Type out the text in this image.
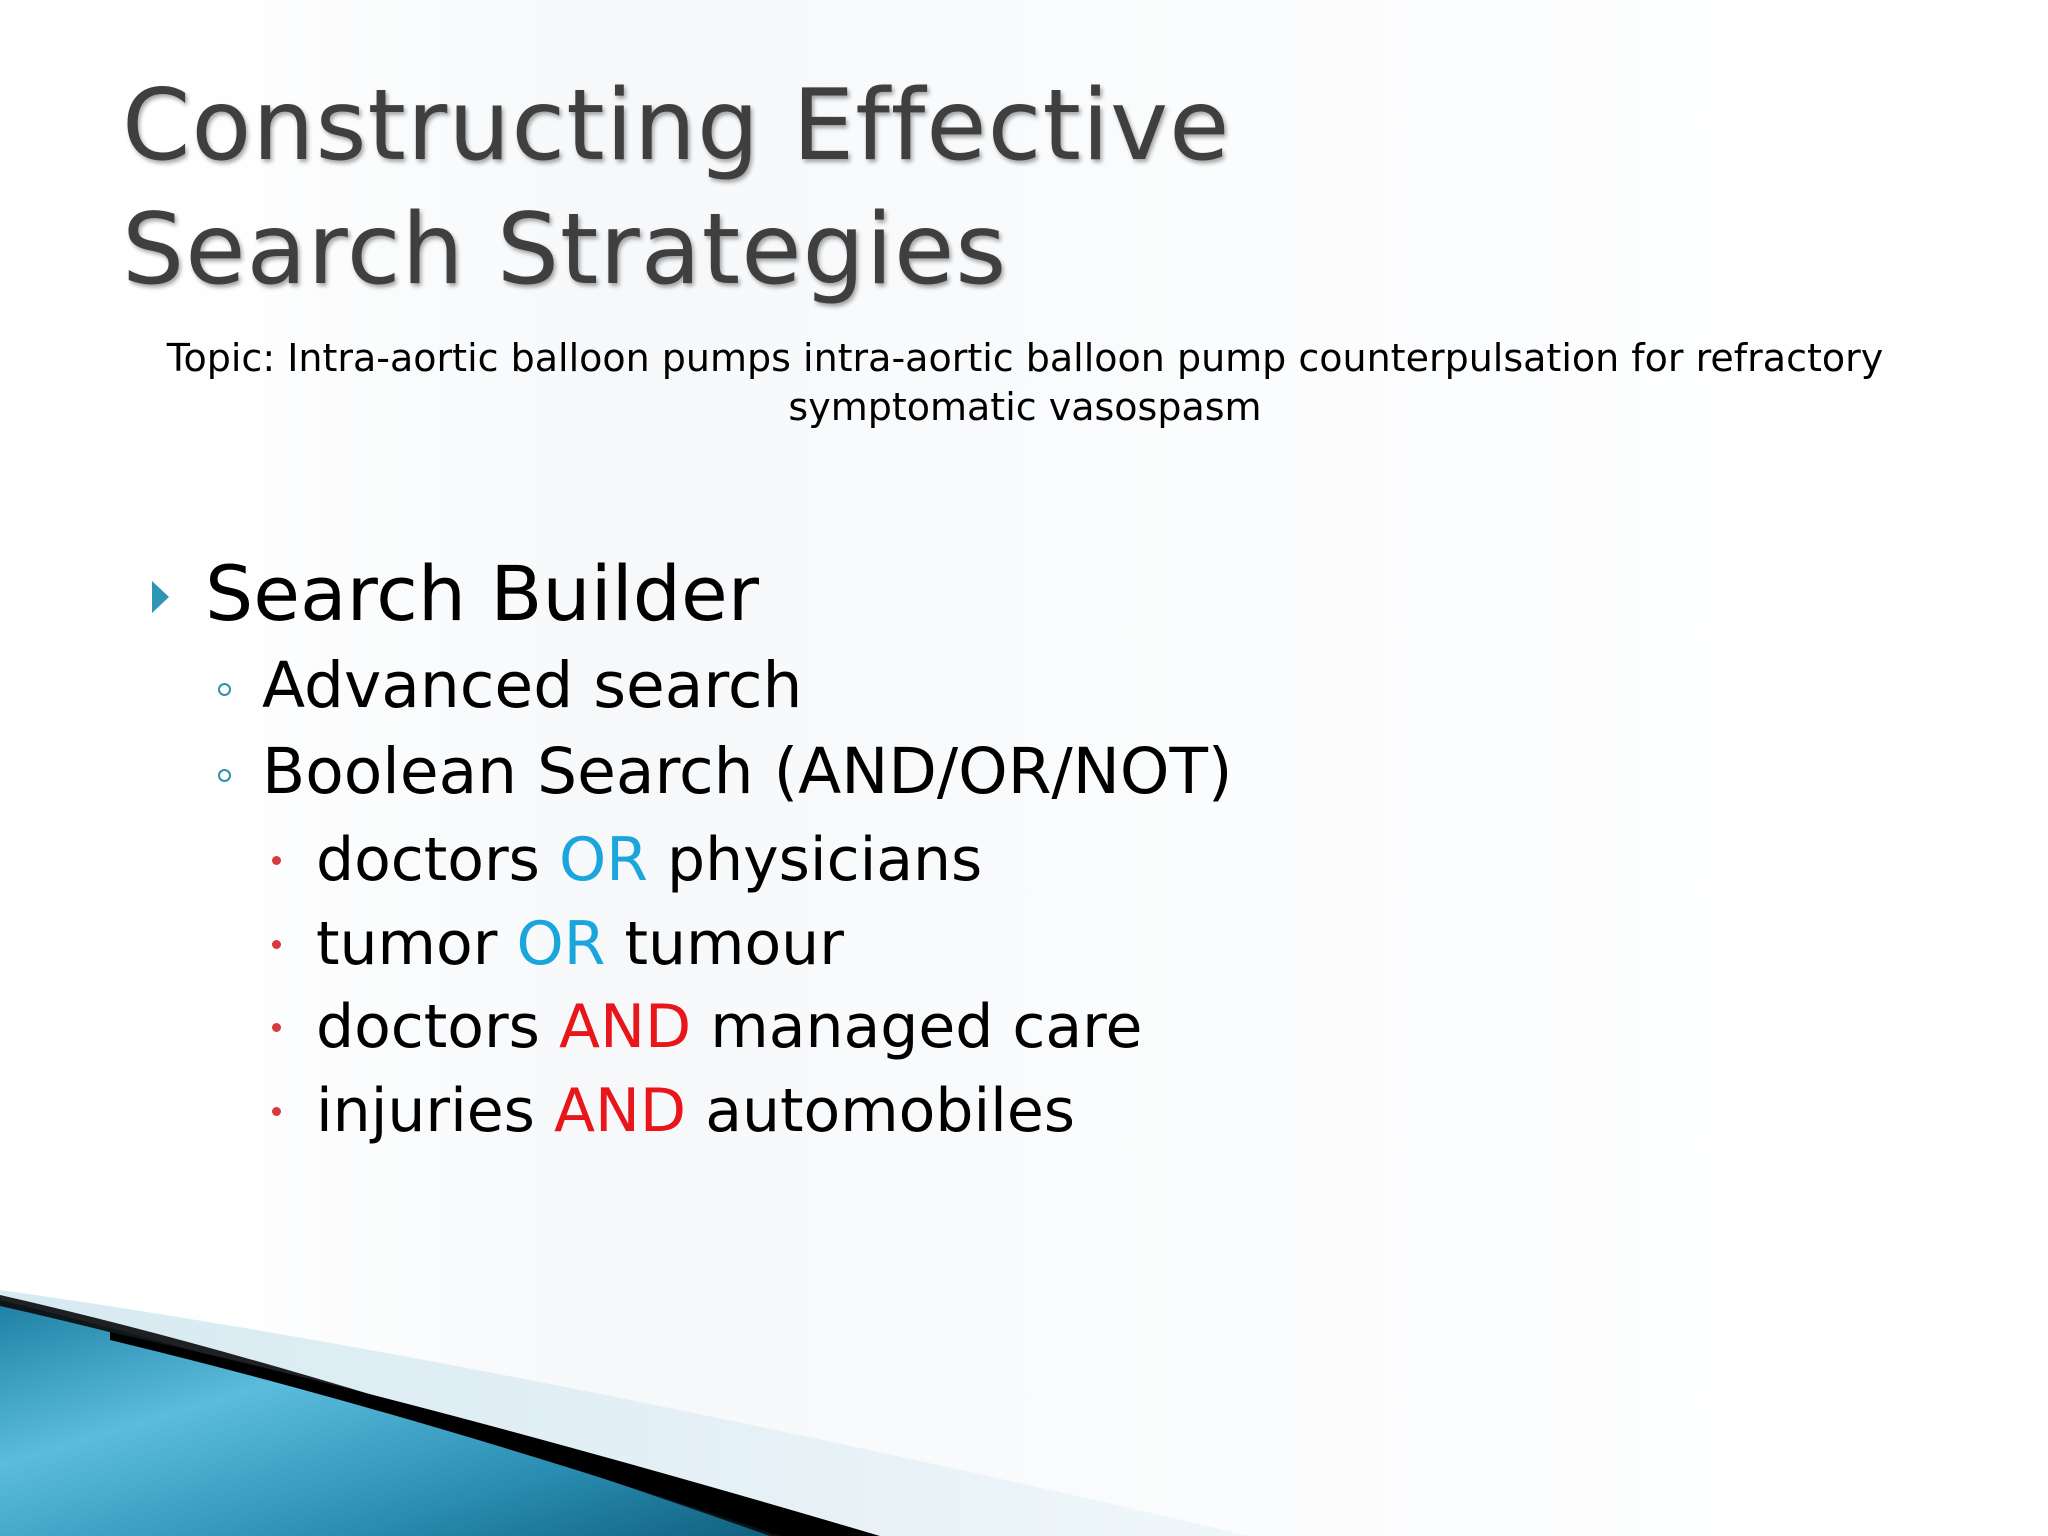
Constructing Effective
Search Strategies

Topic: Intra-aortic balloon pumps intra-aortic balloon pump counterpulsation for refractory symptomatic vasospasm

Search Builder
Advanced search
Boolean Search (AND/OR/NOT)
doctors OR physicians
tumor OR tumour
doctors AND managed care
injuries AND automobiles
